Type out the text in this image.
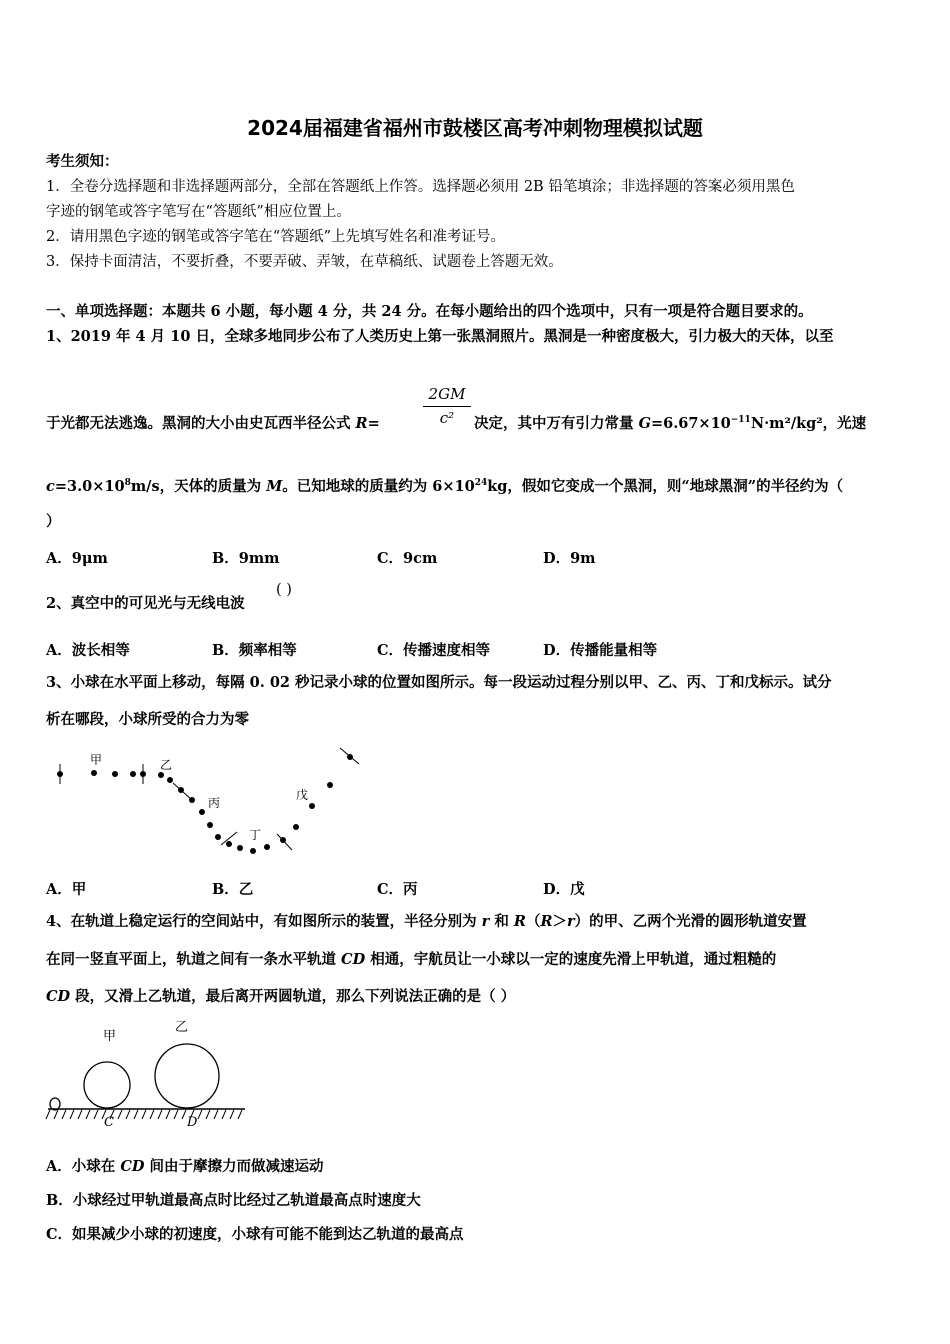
2024届福建省福州市鼓楼区高考冲刺物理模拟试题
考生须知：
1．全卷分选择题和非选择题两部分，全部在答题纸上作答。选择题必须用 2B 铅笔填涂；非选择题的答案必须用黑色
字迹的钢笔或答字笔写在“答题纸”相应位置上。
2．请用黑色字迹的钢笔或答字笔在“答题纸”上先填写姓名和准考证号。
3．保持卡面清洁，不要折叠，不要弄破、弄皱，在草稿纸、试题卷上答题无效。
一、单项选择题：本题共 6 小题，每小题 4 分，共 24 分。在每小题给出的四个选项中，只有一项是符合题目要求的。
1、2019 年 4 月 10 日，全球多地同步公布了人类历史上第一张黑洞照片。黑洞是一种密度极大，引力极大的天体，以至
于光都无法逃逸。黑洞的大小由史瓦西半径公式 R=
2GM
c²	决定，其中万有引力常量 $G=6.67\times 10^{-11}N\cdot m^2$/kg²，光速
$c=3.0\times 10^8m/s$，天体的质量为 M。已知地球的质量约为 $6\times 10^{24}kg$，假如它变成一个黑洞，则“地球黑洞”的半径约为（
）
A．9μm	B．9mm	C．9cm	D．9m
2、真空中的可见光与无线电波
( )
A．波长相等	B．频率相等	C．传播速度相等	D．传播能量相等
3、小球在水平面上移动，每隔 0. 02 秒记录小球的位置如图所示。每一段运动过程分别以甲、乙、丙、丁和戊标示。试分
析在哪段，小球所受的合力为零
甲	乙
丙
丁
戊
A．甲	B．乙	C．丙	D．戊
4、在轨道上稳定运行的空间站中，有如图所示的装置，半径分别为 r 和 R（R＞r）的甲、乙两个光滑的圆形轨道安置
在同一竖直平面上，轨道之间有一条水平轨道 CD 相通，宇航员让一小球以一定的速度先滑上甲轨道，通过粗糙的
CD 段，又滑上乙轨道，最后离开两圆轨道，那么下列说法正确的是（ ）
甲
乙
C	D
A．小球在 CD 间由于摩擦力而做减速运动
B．小球经过甲轨道最高点时比经过乙轨道最高点时速度大
C．如果减少小球的初速度，小球有可能不能到达乙轨道的最高点
